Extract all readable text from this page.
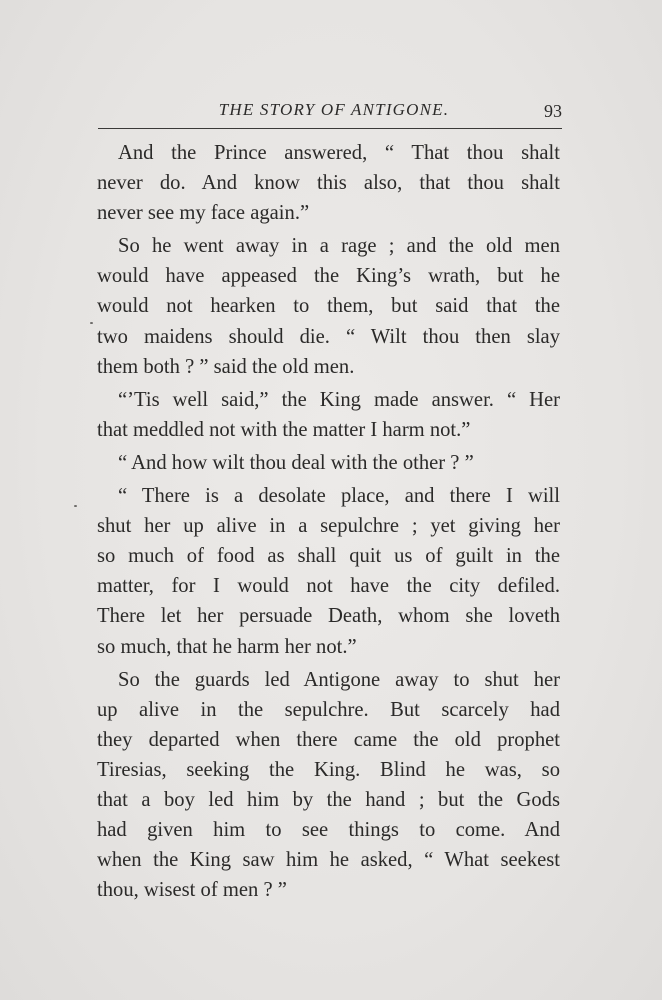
THE STORY OF ANTIGONE.	93
And the Prince answered, “ That thou shalt
never do. And know this also, that thou shalt
never see my face again.”
So he went away in a rage ; and the old men
would have appeased the King’s wrath, but he
would not hearken to them, but said that the
two maidens should die. “ Wilt thou then slay
them both ? ” said the old men.
“’Tis well said,” the King made answer. “ Her
that meddled not with the matter I harm not.”
“ And how wilt thou deal with the other ? ”
“ There is a desolate place, and there I will
shut her up alive in a sepulchre ; yet giving her
so much of food as shall quit us of guilt in the
matter, for I would not have the city defiled.
There let her persuade Death, whom she loveth
so much, that he harm her not.”
So the guards led Antigone away to shut her
up alive in the sepulchre. But scarcely had
they departed when there came the old prophet
Tiresias, seeking the King. Blind he was, so
that a boy led him by the hand ; but the Gods
had given him to see things to come. And
when the King saw him he asked, “ What seekest
thou, wisest of men ? ”
